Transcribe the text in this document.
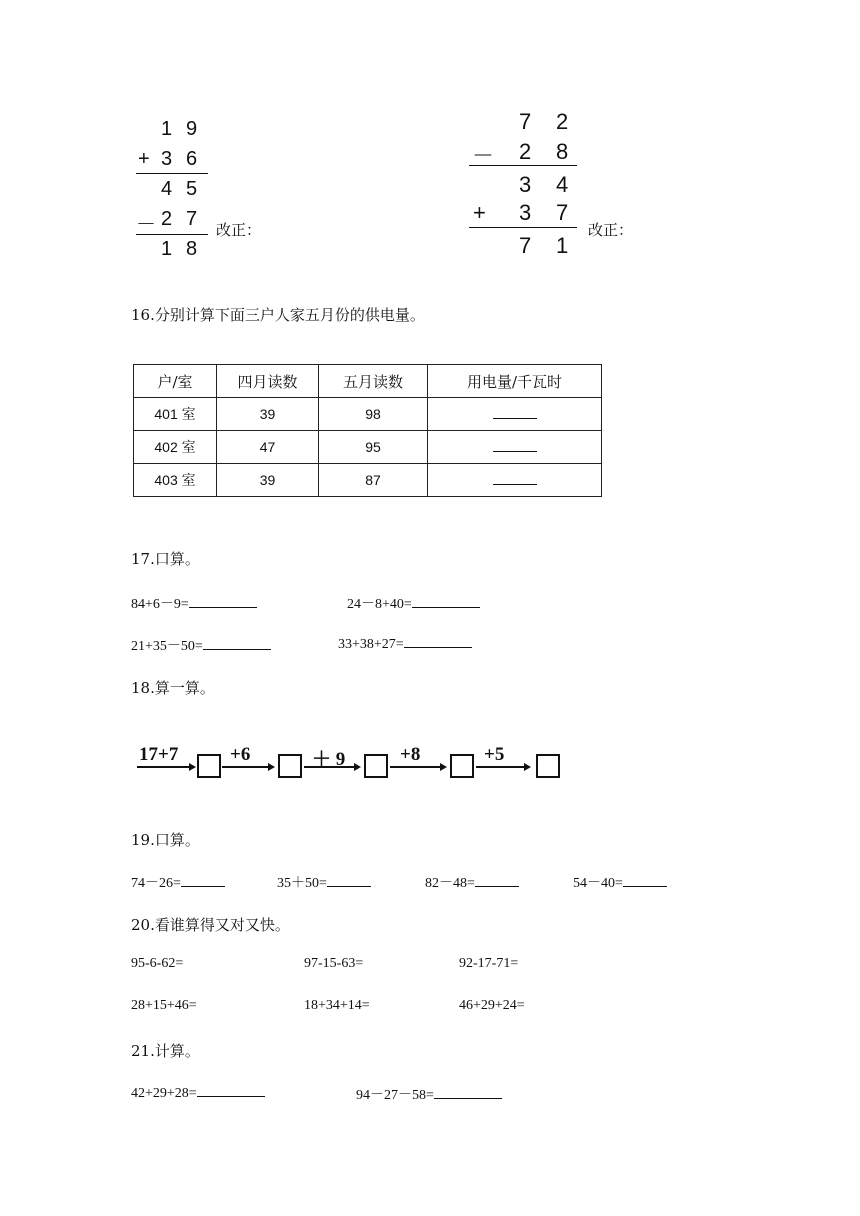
1 9
+ 3 6
4 5
－ 2 7
1 8
改正：
7 2
－ 2 8
3 4
+ 3 7
7 1
改正：
16.分别计算下面三户人家五月份的供电量。
户/室	四月读数	五月读数	用电量/千瓦时
401 室	39	98	
402 室	47	95	
403 室	39	87	
17.口算。
84+6－9=	24－8+40=
21+35－50=	33+38+27=
18.算一算。
17+7	+6	＋ 9	+8	+5
19.口算。
74－26=	35＋50=	82－48=	54－40=
20.看谁算得又对又快。
95-6-62=	97-15-63=	92-17-71=
28+15+46=	18+34+14=	46+29+24=
21.计算。
42+29+28=	94－27－58=
